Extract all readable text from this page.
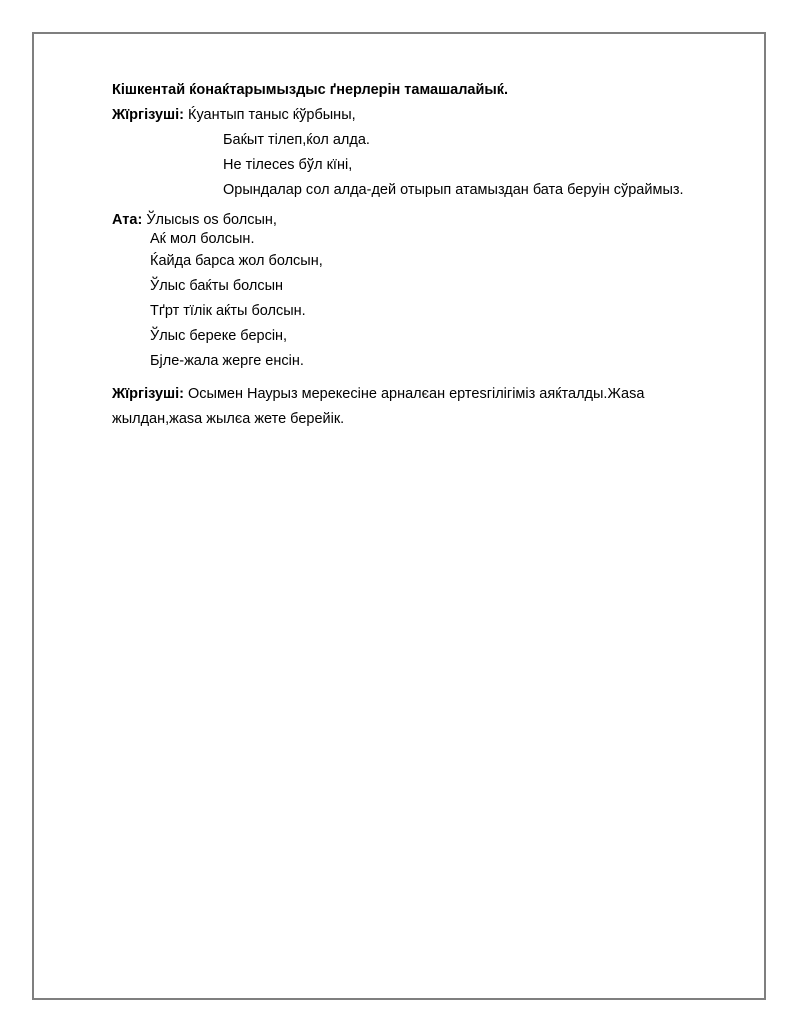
Кішкентай ќонаќтарымыздыс ґнерлерін тамашалайыќ.
Жїргізуші: Ќуантып таныс ќўрбыны,
Баќыт тілеп,ќол алда.
Не тілесеs бўл кїні,
Орындалар сол алда-дей отырып атамыздан бата беруін сўраймыз.
Ата: Ўлысыs os болсын,
Аќ мол болсын.
Ќайда барса жол болсын,
Ўлыс баќты болсын
Тґрт тїлік аќты болсын.
Ўлыс береке берсін,
Бјле-жала жерге енсін.
Жїргізуші: Осымен Наурыз мерекесіне арналєан ертеsгілігіміз аяќталды.Жаsа
жылдан,жаsа жылєа жете берейік.
